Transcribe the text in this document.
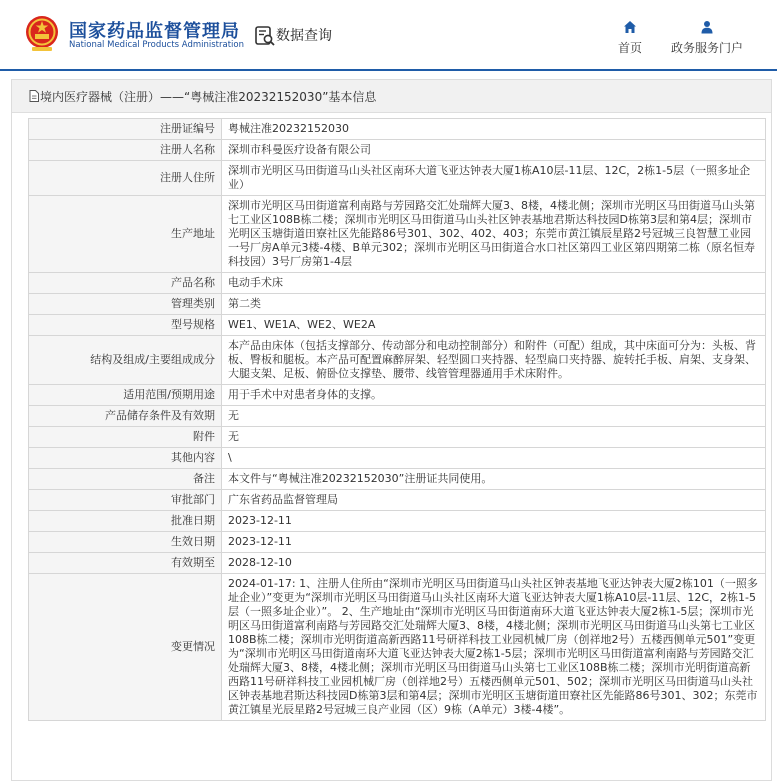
国家药品监督管理局
National Medical Products Administration
数据查询
首页	政务服务门户
境内医疗器械（注册）——“粤械注准20232152030”基本信息
注册证编号	粤械注准20232152030
注册人名称	深圳市科曼医疗设备有限公司
注册人住所	深圳市光明区马田街道马山头社区南环大道飞亚达钟表大厦1栋A10层-11层、12C，2栋1-5层（一照多址企业）
生产地址	深圳市光明区马田街道富利南路与芳园路交汇处瑞辉大厦3、8楼，4楼北侧；深圳市光明区马田街道马山头第七工业区108B栋二楼；深圳市光明区马田街道马山头社区钟表基地君斯达科技园D栋第3层和第4层；深圳市光明区玉塘街道田寮社区先能路86号301、302、402、403；东莞市黄江镇辰星路2号冠城三良智慧工业园一号厂房A单元3楼-4楼、B单元302；深圳市光明区马田街道合水口社区第四工业区第四期第二栋（原名恒寿科技园）3号厂房第1-4层
产品名称	电动手术床
管理类别	第二类
型号规格	WE1、WE1A、WE2、WE2A
结构及组成/主要组成成分	本产品由床体（包括支撑部分、传动部分和电动控制部分）和附件（可配）组成，其中床面可分为：头板、背板、臀板和腿板。本产品可配置麻醉屏架、轻型圆口夹持器、轻型扁口夹持器、旋转托手板、肩架、支身架、大腿支架、足板、俯卧位支撑垫、腰带、线管管理器通用手术床附件。
适用范围/预期用途	用于手术中对患者身体的支撑。
产品储存条件及有效期	无
附件	无
其他内容	\
备注	本文件与“粤械注准20232152030”注册证共同使用。
审批部门	广东省药品监督管理局
批准日期	2023-12-11
生效日期	2023-12-11
有效期至	2028-12-10
变更情况	2024-01-17: 1、注册人住所由“深圳市光明区马田街道马山头社区钟表基地飞亚达钟表大厦2栋101（一照多址企业）”变更为“深圳市光明区马田街道马山头社区南环大道飞亚达钟表大厦1栋A10层-11层、12C，2栋1-5层（一照多址企业）”。 2、生产地址由“深圳市光明区马田街道南环大道飞亚达钟表大厦2栋1-5层；深圳市光明区马田街道富利南路与芳园路交汇处瑞辉大厦3、8楼，4楼北侧；深圳市光明区马田街道马山头第七工业区108B栋二楼；深圳市光明街道高新西路11号研祥科技工业园机械厂房（创祥地2号）五楼西侧单元501”变更为“深圳市光明区马田街道南环大道飞亚达钟表大厦2栋1-5层；深圳市光明区马田街道富利南路与芳园路交汇处瑞辉大厦3、8楼，4楼北侧；深圳市光明区马田街道马山头第七工业区108B栋二楼；深圳市光明街道高新西路11号研祥科技工业园机械厂房（创祥地2号）五楼西侧单元501、502；深圳市光明区马田街道马山头社区钟表基地君斯达科技园D栋第3层和第4层；深圳市光明区玉塘街道田寮社区先能路86号301、302；东莞市黄江镇星光辰星路2号冠城三良产业园（区）9栋（A单元）3楼-4楼”。
